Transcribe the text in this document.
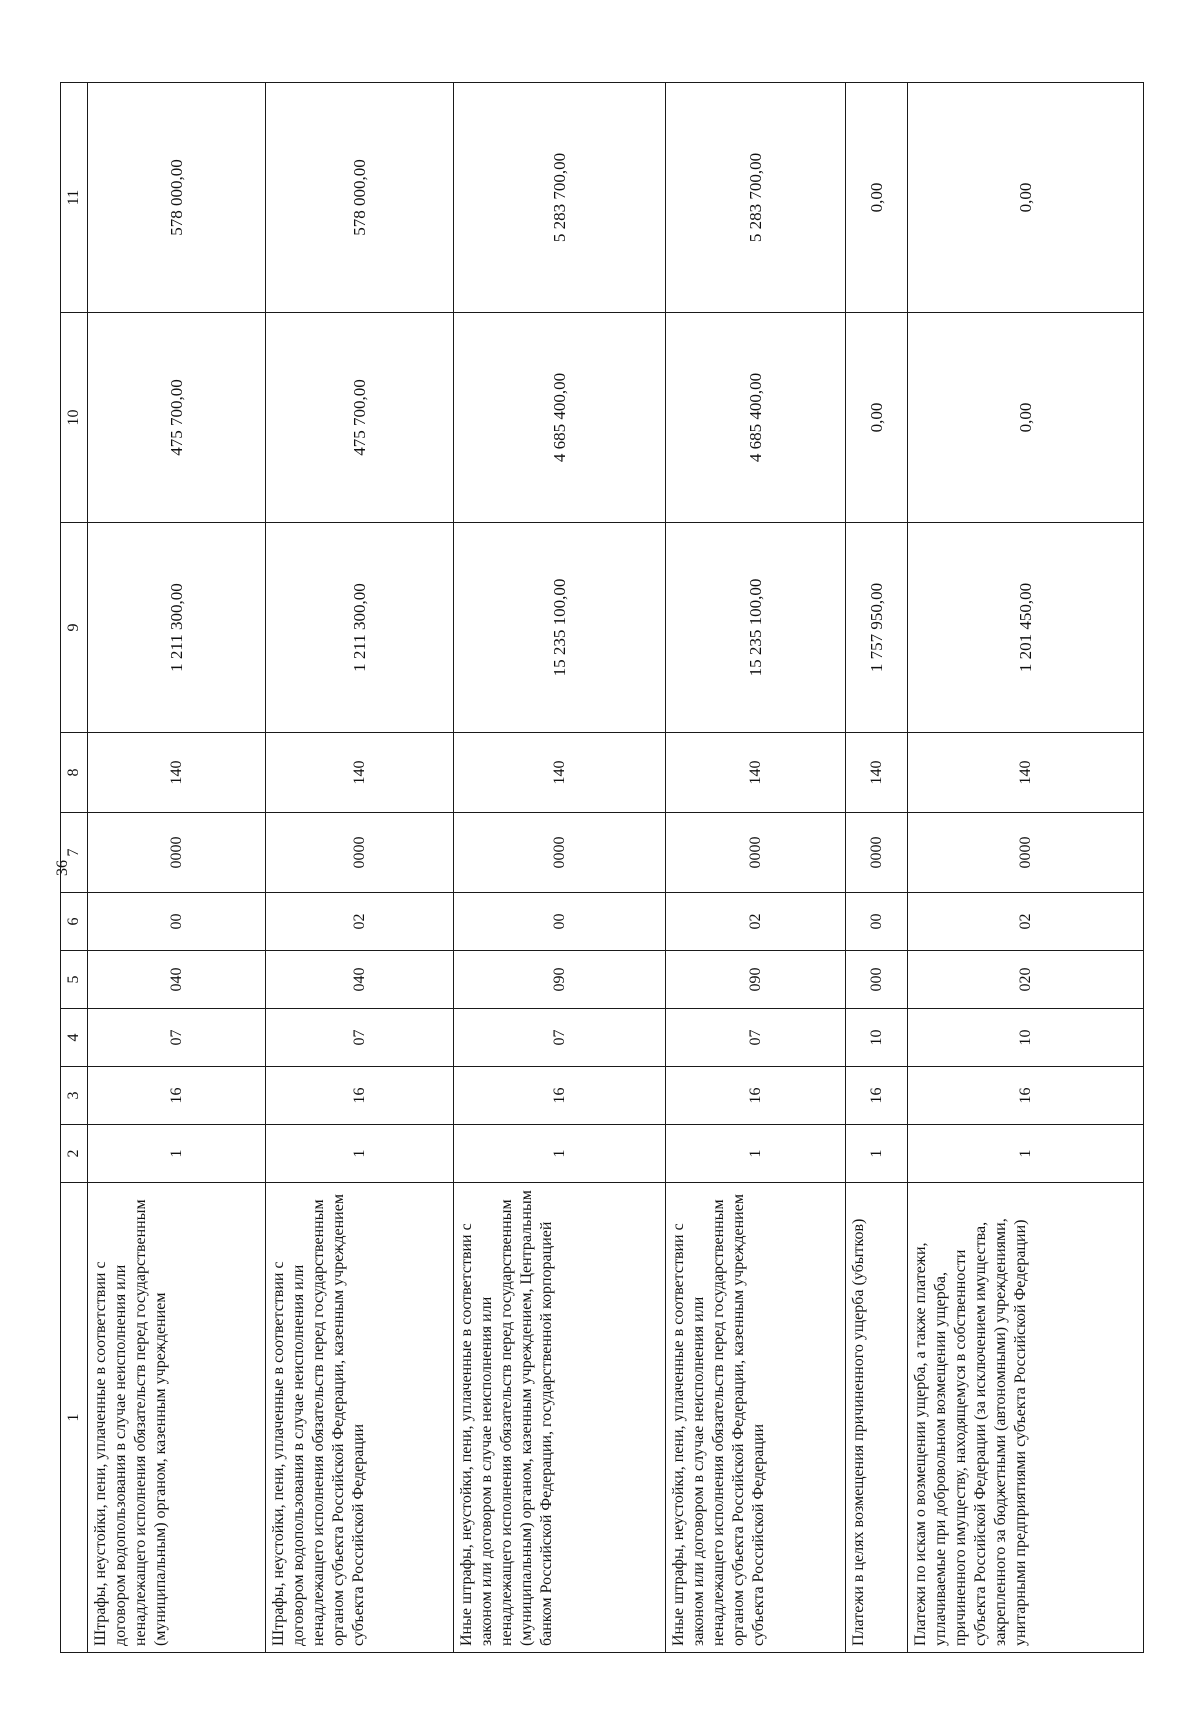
36
1	2	3	4	5	6	7	8	9	10	11
Штрафы, неустойки, пени, уплаченные в соответствии с договором водопользования в случае неисполнения или ненадлежащего исполнения обязательств перед государственным (муниципальным) органом, казенным учреждением	1	16	07	040	00	0000	140	1 211 300,00	475 700,00	578 000,00
Штрафы, неустойки, пени, уплаченные в соответствии с договором водопользования в случае неисполнения или ненадлежащего исполнения обязательств перед государственным органом субъекта Российской Федерации, казенным учреждением субъекта Российской Федерации	1	16	07	040	02	0000	140	1 211 300,00	475 700,00	578 000,00
Иные штрафы, неустойки, пени, уплаченные в соответствии с законом или договором в случае неисполнения или ненадлежащего исполнения обязательств перед государственным (муниципальным) органом, казенным учреждением, Центральным банком Российской Федерации, государственной корпорацией	1	16	07	090	00	0000	140	15 235 100,00	4 685 400,00	5 283 700,00
Иные штрафы, неустойки, пени, уплаченные в соответствии с законом или договором в случае неисполнения или ненадлежащего исполнения обязательств перед государственным органом субъекта Российской Федерации, казенным учреждением субъекта Российской Федерации	1	16	07	090	02	0000	140	15 235 100,00	4 685 400,00	5 283 700,00
Платежи в целях возмещения причиненного ущерба (убытков)	1	16	10	000	00	0000	140	1 757 950,00	0,00	0,00
Платежи по искам о возмещении ущерба, а также платежи, уплачиваемые при добровольном возмещении ущерба, причиненного имуществу, находящемуся в собственности субъекта Российской Федерации (за исключением имущества, закрепленного за бюджетными (автономными) учреждениями, унитарными предприятиями субъекта Российской Федерации)	1	16	10	020	02	0000	140	1 201 450,00	0,00	0,00
